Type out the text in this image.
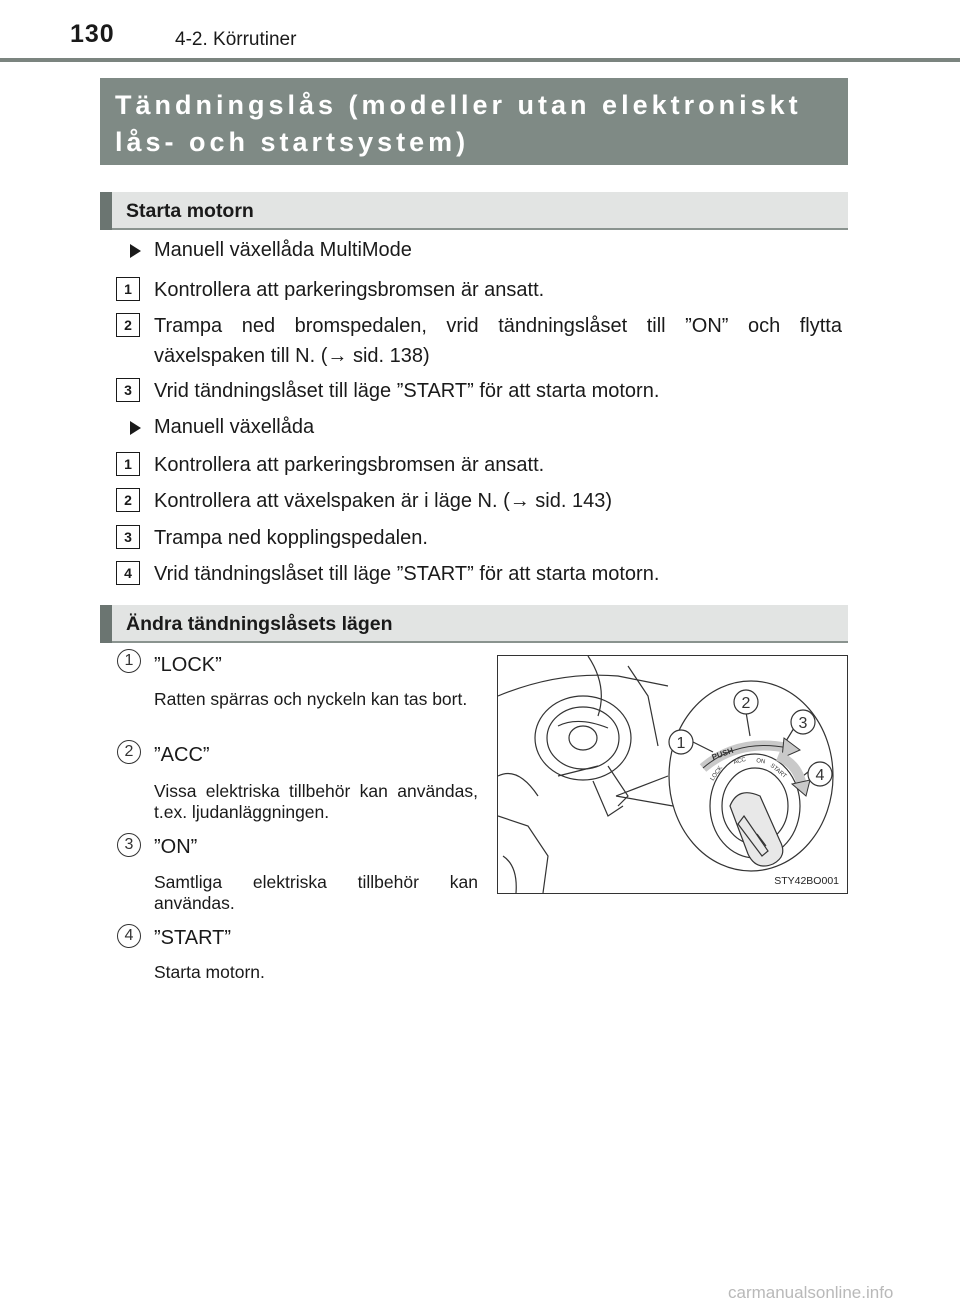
130	4-2. Körrutiner
Tändningslås (modeller utan elektroniskt
lås- och startsystem)
Starta motorn
Manuell växellåda MultiMode
1	Kontrollera att parkeringsbromsen är ansatt.
2	Trampa ned bromspedalen, vrid tändningslåset till ”ON” och flytta växelspaken till N. (→ sid. 138)
3	Vrid tändningslåset till läge ”START” för att starta motorn.
Manuell växellåda
1	Kontrollera att parkeringsbromsen är ansatt.
2	Kontrollera att växelspaken är i läge N. (→ sid. 143)
3	Trampa ned kopplingspedalen.
4	Vrid tändningslåset till läge ”START” för att starta motorn.
Ändra tändningslåsets lägen
1	”LOCK”
Ratten spärras och nyckeln kan tas bort.
2	”ACC”
Vissa elektriska tillbehör kan användas, t.ex. ljudanläggningen.
3	”ON”
Samtliga elektriska tillbehör kan användas.
4	”START”
Starta motorn.
PUSH
LOCK
ACC ON
START
1
2
3
4
STY42BO001
carmanualsonline.info
